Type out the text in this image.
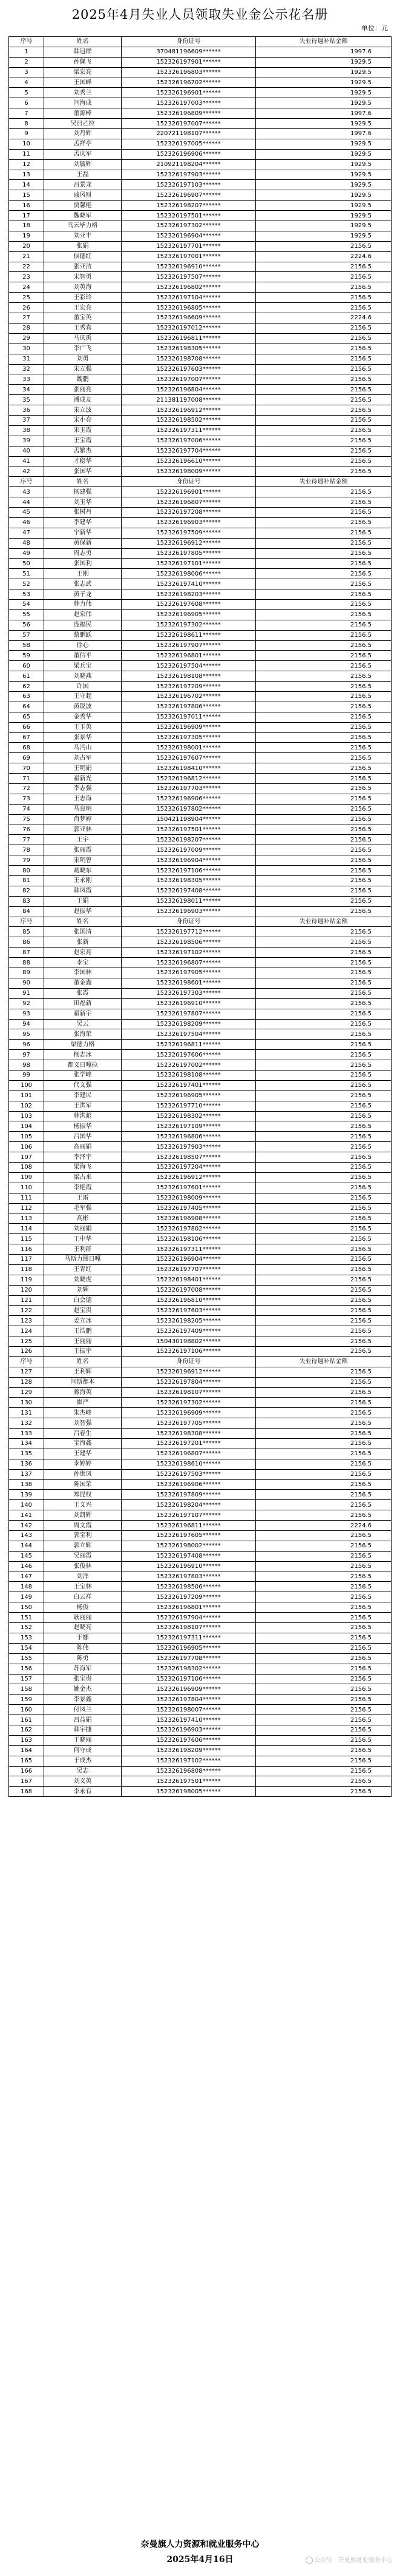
2025年4月失业人员领取失业金公示花名册
单位：元
序号	姓名	身份证号	失业待遇补贴金额
1	韩冠群	370481196609******	1997.6
2	孙佩飞	152326197901******	1929.5
3	梁宏亮	152326196803******	1929.5
4	王国峰	152326196702******	1929.5
5	刘秀兰	152326196901******	1929.5
6	闫海成	152326197003******	1929.5
7	董源棒	152326196809******	1997.6
8	吴日乙拉	152326197007******	1929.5
9	刘丹辉	220721198107******	1997.6
10	孟祥亭	152326197005******	1929.5
11	孟庆军	152326196906******	1929.5
12	刘毓辉	210921198204******	1929.5
13	王磊	152326197903******	1929.5
14	吕景龙	152326197103******	1929.5
15	戚风财	152326196907******	1929.5
16	贾馨艳	152326198207******	1929.5
17	魏晓军	152326197501******	1929.5
18	乌云毕力格	152326197302******	1929.5
19	刘亚丰	152326196904******	1929.5
20	张娟	152326197701******	2156.5
21	侯德红	152326197001******	2224.6
22	张亚洁	152326196910******	2156.5
23	宋智勇	152326197507******	2156.5
24	刘英海	152326196802******	2156.5
25	王彩玲	152326197104******	2156.5
26	王宏亮	152326196805******	2156.5
27	董宝英	152326196609******	2224.6
28	王秀真	152326197012******	2156.5
29	马庆禹	152326196811******	2156.5
30	李广飞	152326198305******	2156.5
31	刘勇	152326198708******	2156.5
32	宋立强	152326197603******	2156.5
33	魏鹏	152326197007******	2156.5
34	张丽亮	152326196804******	2156.5
35	潘成友	211381197008******	2156.5
36	宋立波	152326196912******	2156.5
37	宋小亮	152326198502******	2156.5
38	宋玉霞	152326197311******	2156.5
39	王宝霞	152326197006******	2156.5
40	孟繁杰	152326197704******	2156.5
41	才稳华	152326196610******	2156.5
42	张国华	152326198009******	2156.5
序号	姓名	身份证号	失业待遇补贴金额
43	杨建强	152326196901******	2156.5
44	刘玉华	152326196807******	2156.5
45	张树丹	152326197208******	2156.5
46	李建华	152326196903******	2156.5
47	宁新华	152326197509******	2156.5
48	黄保新	152326196912******	2156.5
49	周志勇	152326197805******	2156.5
50	张国利	152326197101******	2156.5
51	王刚	152326198006******	2156.5
52	张志武	152326197410******	2156.5
53	黄子龙	152326198203******	2156.5
54	韩力伟	152326197608******	2156.5
55	赵宏伟	152326196905******	2156.5
56	庞福民	152326197302******	2156.5
57	蔡鹏跃	152326198611******	2156.5
58	徐心	152326197907******	2156.5
59	董信平	152326196801******	2156.5
60	梁兵宝	152326197504******	2156.5
61	刘晓燕	152326198108******	2156.5
62	许国	152326197209******	2156.5
63	王守起	152326196702******	2156.5
64	黄锐波	152326197806******	2156.5
65	金秀华	152326197011******	2156.5
66	王玉英	152326196909******	2156.5
67	张景华	152326197305******	2156.5
68	马冯山	152326198001******	2156.5
69	刘占军	152326197607******	2156.5
70	王明娟	152326198410******	2156.5
71	翟新光	152326196812******	2156.5
72	李志强	152326197703******	2156.5
73	王志海	152326196906******	2156.5
74	马良明	152326197802******	2156.5
75	肖梦婷	150421198904******	2156.5
76	郭亚林	152326197501******	2156.5
77	王宇	152326198207******	2156.5
78	张丽霞	152326197009******	2156.5
79	宋明曾	152326196904******	2156.5
80	葛晓东	152326197106******	2156.5
81	王永刚	152326198305******	2156.5
82	韩凤霞	152326197408******	2156.5
83	王娟	152326198011******	2156.5
84	赵振华	152326196903******	2156.5
序号	姓名	身份证号	失业待遇补贴金额
85	张国清	152326197712******	2156.5
86	张新	152326198506******	2156.5
87	赵宏亮	152326197102******	2156.5
88	李宝	152326196807******	2156.5
89	李国林	152326197905******	2156.5
90	董金鑫	152326198601******	2156.5
91	张霞	152326197303******	2156.5
92	田福新	152326196910******	2156.5
93	翟新宇	152326197807******	2156.5
94	吴云	152326198209******	2156.5
95	张海荣	152326197504******	2156.5
96	渠德力格	152326196811******	2156.5
97	杨志冰	152326197606******	2156.5
98	都义日嘎拉	152326197002******	2156.5
99	张学峰	152326198108******	2156.5
100	代文强	152326197401******	2156.5
101	李建民	152326196905******	2156.5
102	王洪军	152326197710******	2156.5
103	韩洪彪	152326198302******	2156.5
104	杨振华	152326197109******	2156.5
105	吕国华	152326196806******	2156.5
106	高丽娟	152326197903******	2156.5
107	李泽宇	152326198507******	2156.5
108	梁海飞	152326197204******	2156.5
109	梁占来	152326196912******	2156.5
110	李艳霞	152326197601******	2156.5
111	王雷	152326198009******	2156.5
112	毛军强	152326197405******	2156.5
113	高彬	152326196908******	2156.5
114	刘丽娟	152326197802******	2156.5
115	王中华	152326198106******	2156.5
116	王利群	152326197311******	2156.5
117	马斯力图日嘎	152326196904******	2156.5
118	王青红	152326197707******	2156.5
119	刘晓虎	152326198401******	2156.5
120	刘辉	152326197008******	2156.5
121	白会德	152326196810******	2156.5
122	赵宝贵	152326197603******	2156.5
123	姜立冰	152326198205******	2156.5
124	王浩鹏	152326197409******	2156.5
125	王丽丽	150430198802******	2156.5
126	王振宇	152326197106******	2156.5
序号	姓名	身份证号	失业待遇补贴金额
127	王利辉	152326196912******	2156.5
128	闫斯都本	152326197804******	2156.5
129	蒋海英	152326198107******	2156.5
130	崔严	152326197302******	2156.5
131	朱杰峰	152326196909******	2156.5
132	刘智强	152326197705******	2156.5
133	吕春生	152326198308******	2156.5
134	宝海鑫	152326197201******	2156.5
135	王建华	152326196807******	2156.5
136	李婷婷	152326198610******	2156.5
137	孙世凤	152326197503******	2156.5
138	陈国荣	152326196906******	2156.5
139	郑昆权	152326197809******	2156.5
140	王文兴	152326198204******	2156.5
141	刘凯辉	152326197107******	2156.5
142	周文霞	152326196811******	2224.6
143	郭宝利	152326197605******	2156.5
144	郭立辉	152326198002******	2156.5
145	吴丽霞	152326197408******	2156.5
146	张俊林	152326196910******	2156.5
147	刘洋	152326197803******	2156.5
148	王宝林	152326198506******	2156.5
149	白云祥	152326197209******	2156.5
150	杨俊	152326196801******	2156.5
151	耿丽丽	152326197904******	2156.5
152	赵晓亮	152326198107******	2156.5
153	于娜	152326197311******	2156.5
154	陈伟	152326196905******	2156.5
155	陈勇	152326197708******	2156.5
156	苏海军	152326198302******	2156.5
157	张宝贵	152326197106******	2156.5
158	姚金杰	152326196909******	2156.5
159	李景鑫	152326197804******	2156.5
160	付凤兰	152326198007******	2156.5
161	吕益娟	152326197410******	2156.5
162	韩宇捷	152326196903******	2156.5
163	于晓丽	152326197606******	2156.5
164	何守成	152326198209******	2156.5
165	于成杰	152326197102******	2156.5
166	吴志	152326196808******	2156.5
167	刘义英	152326197501******	2156.5
168	李永有	152326198005******	2156.5
奈曼旗人力资源和就业服务中心
2025年4月16日	公众号 · 奈曼旗就业服务中心
